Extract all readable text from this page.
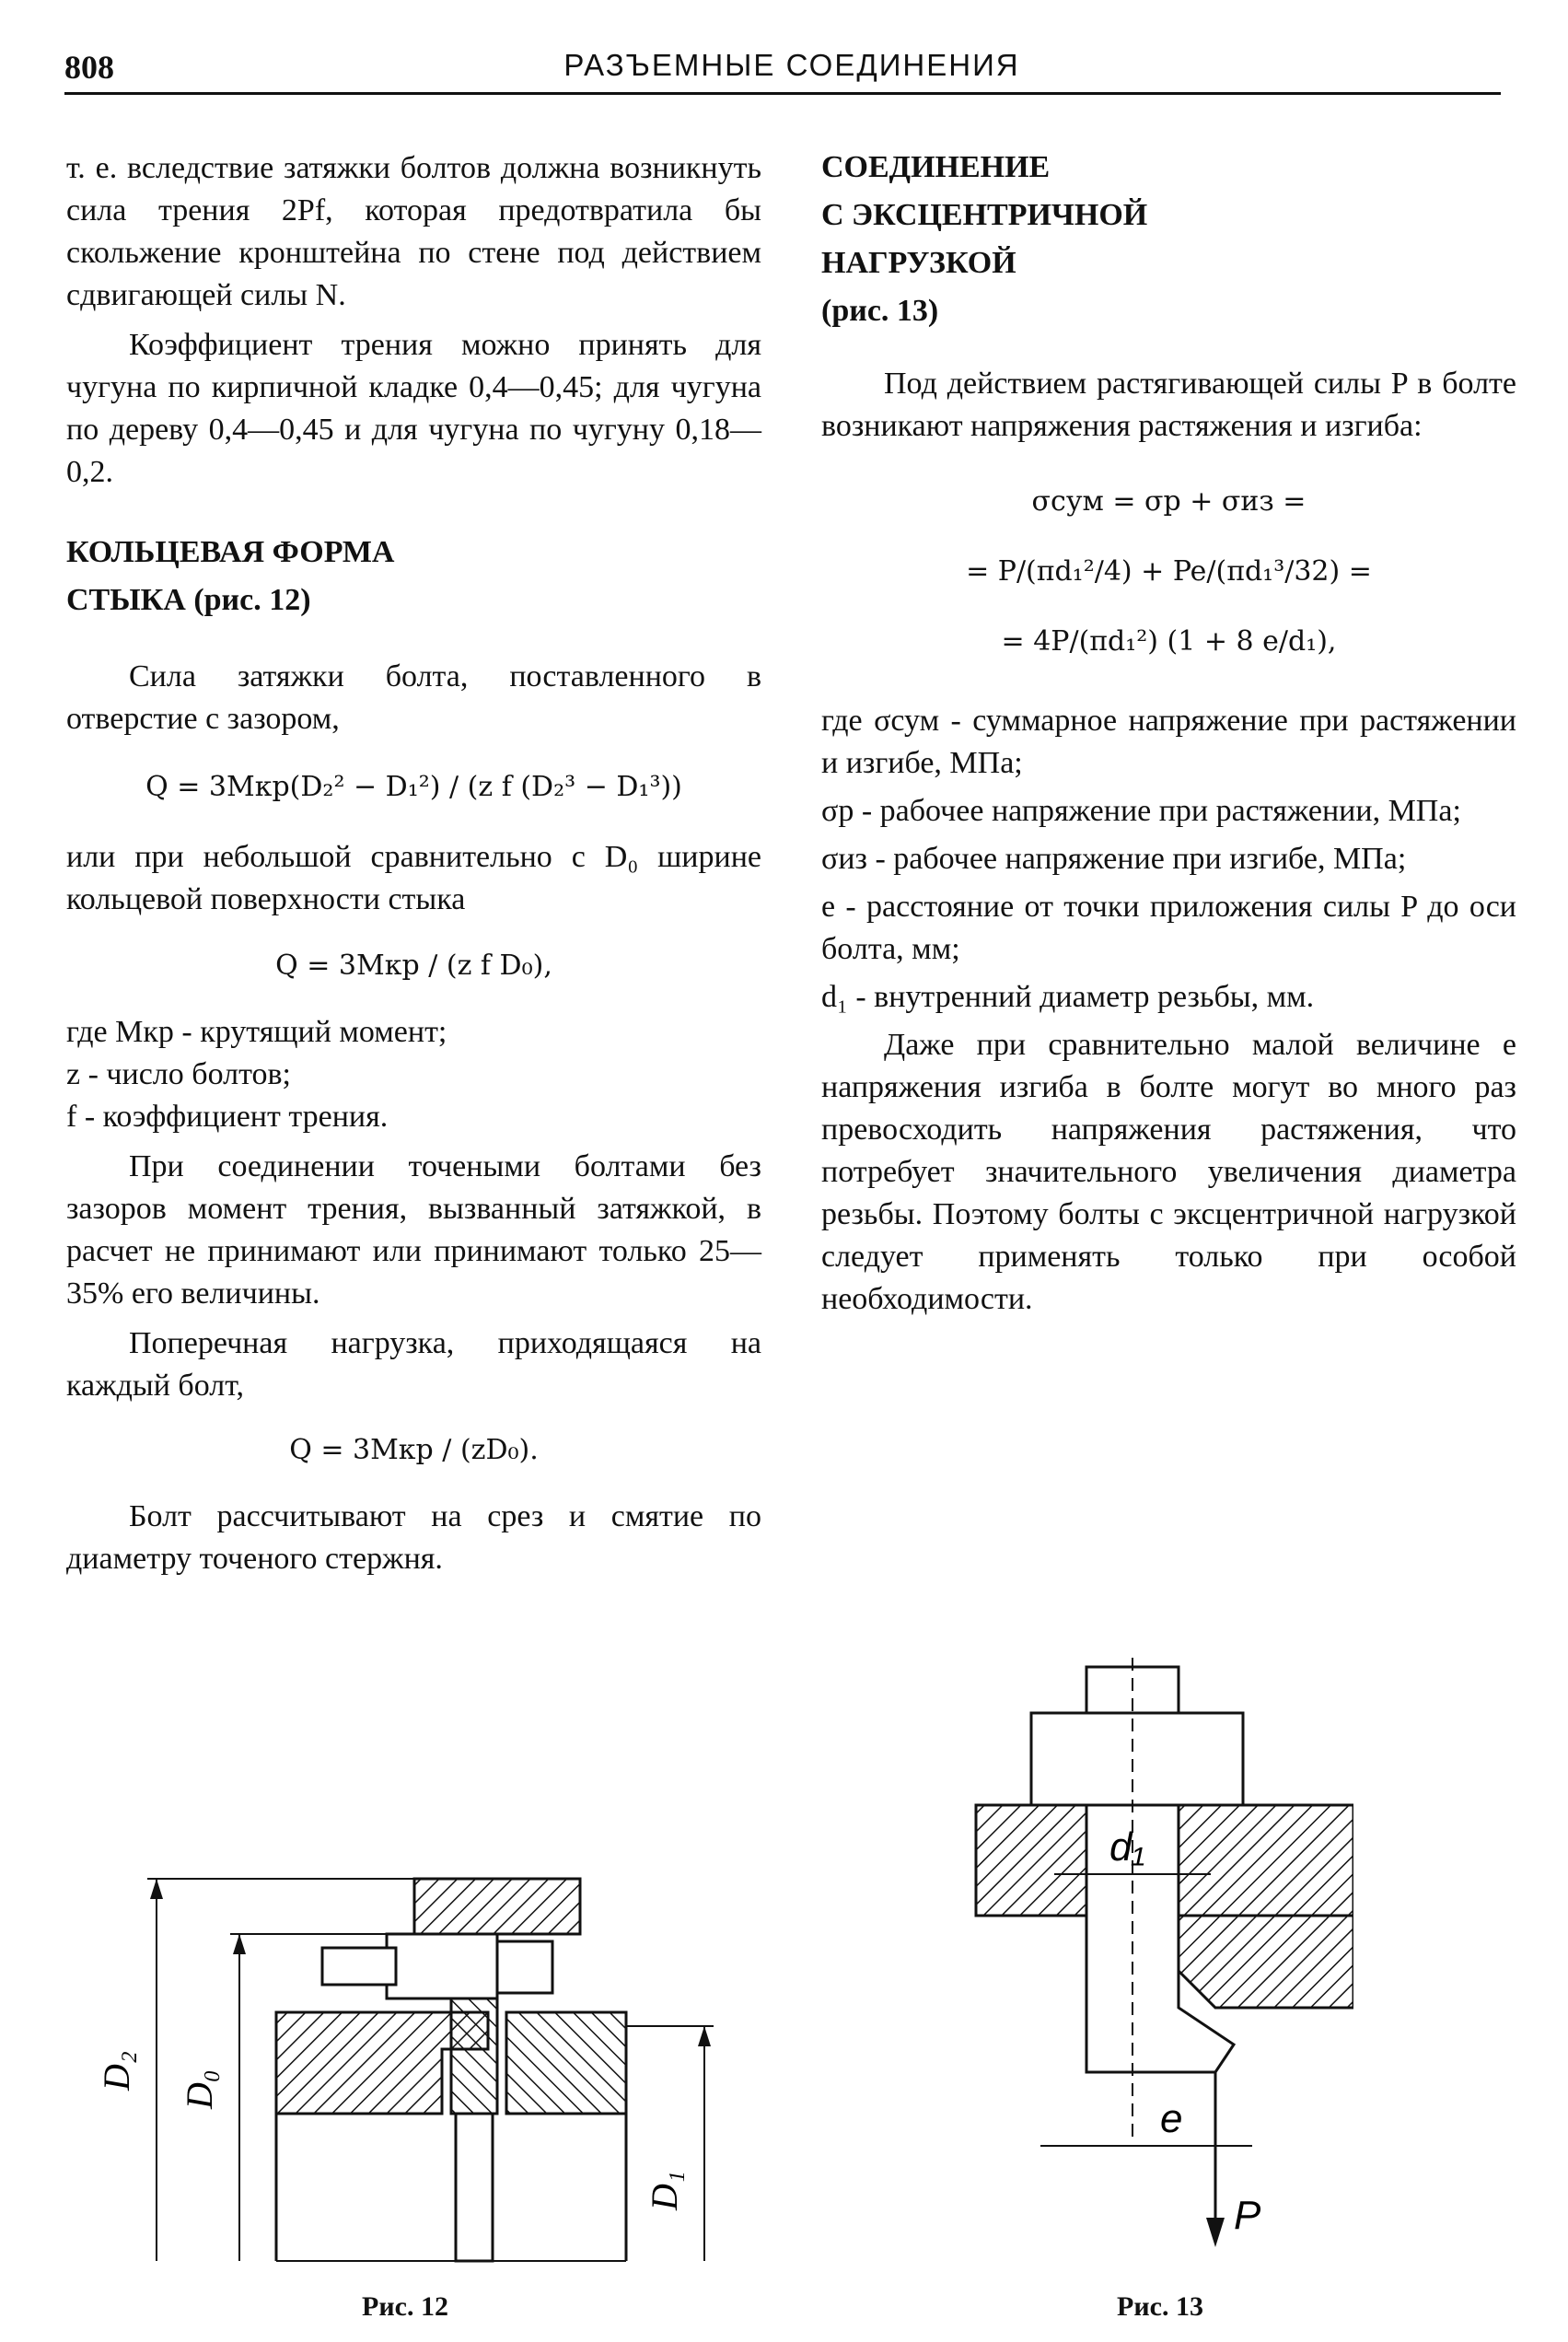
808	РАЗЪЕМНЫЕ СОЕДИНЕНИЯ

т. е. вследствие затяжки болтов должна возникнуть сила трения 2Pf, которая предотвратила бы скольжение кронштейна по стене под действием сдвигающей силы N.

Коэффициент трения можно принять для чугуна по кирпичной кладке 0,4—0,45; для чугуна по дереву 0,4—0,45 и для чугуна по чугуну 0,18—0,2.

КОЛЬЦЕВАЯ ФОРМА

СТЫКА (рис. 12)

Сила затяжки болта, поставленного в отверстие с зазором,

Q = 3Mкр(D₂² − D₁²) / (z f (D₂³ − D₁³))

или при небольшой сравнительно с D₀ ширине кольцевой поверхности стыка

Q = 3Mкр / (z f D₀),

где Mкр - крутящий момент;

z - число болтов;

f - коэффициент трения.

При соединении точеными болтами без зазоров момент трения, вызванный затяжкой, в расчет не принимают или принимают только 25—35% его величины.

Поперечная нагрузка, приходящаяся на каждый болт,

Q = 3Mкр / (zD₀).

Болт рассчитывают на срез и смятие по диаметру точеного стержня.

D₂ D₀
D₁
Рис. 12

СОЕДИНЕНИЕ

С ЭКСЦЕНТРИЧНОЙ

НАГРУЗКОЙ

(рис. 13)

Под действием растягивающей силы P в болте возникают напряжения растяжения и изгиба:

σсум = σр + σиз =

= P/(πd₁²/4) + Pe/(πd₁³/32) =

= 4P/(πd₁²) (1 + 8 e/d₁),

где σсум - суммарное напряжение при растяжении и изгибе, МПа;

σр - рабочее напряжение при растяжении, МПа;

σиз - рабочее напряжение при изгибе, МПа;

e - расстояние от точки приложения силы P до оси болта, мм;

d₁ - внутренний диаметр резьбы, мм.

Даже при сравнительно малой величине e напряжения изгиба в болте могут во много раз превосходить напряжения растяжения, что потребует значительного увеличения диаметра резьбы. Поэтому болты с эксцентричной нагрузкой следует применять только при особой необходимости.

d₁
e
P
Рис. 13
